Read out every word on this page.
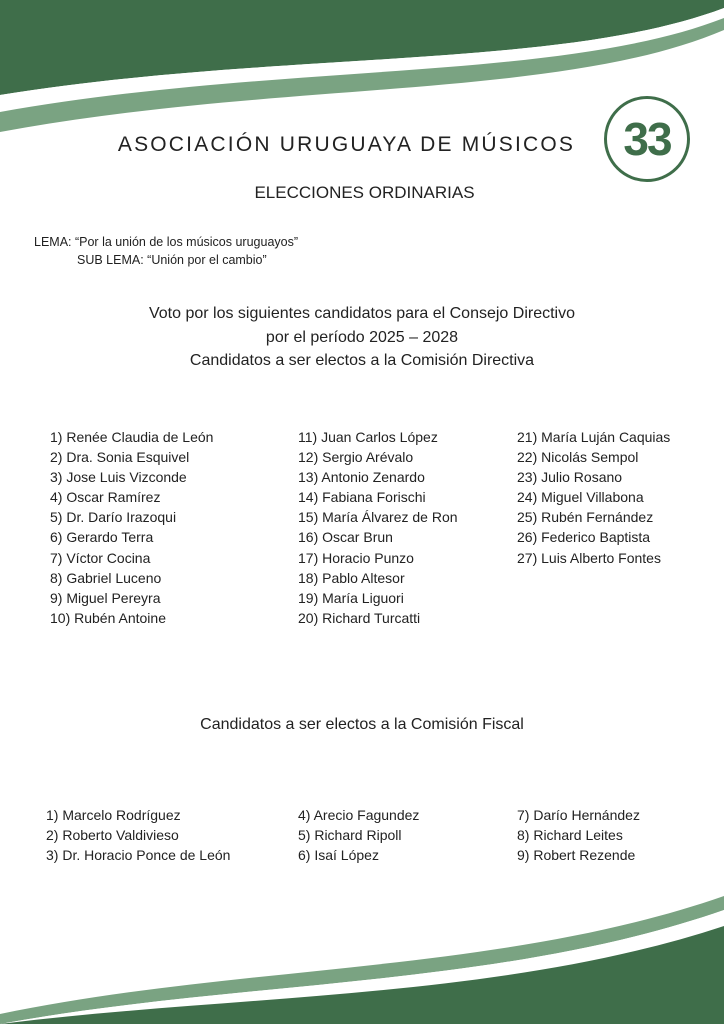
33
ASOCIACIÓN URUGUAYA DE MÚSICOS
ELECCIONES ORDINARIAS
LEMA: “Por la unión de los músicos uruguayos”
SUB LEMA: “Unión por el cambio”
Voto por los siguientes candidatos para el Consejo Directivo
por el período 2025 – 2028
Candidatos a ser electos a la Comisión Directiva
1) Renée Claudia de León
2) Dra. Sonia Esquivel
3) Jose Luis Vizconde
4) Oscar Ramírez
5) Dr. Darío Irazoqui
6) Gerardo Terra
7) Víctor Cocina
8) Gabriel Luceno
9) Miguel Pereyra
10) Rubén Antoine
11) Juan Carlos López
12) Sergio Arévalo
13) Antonio Zenardo
14) Fabiana Forischi
15) María Álvarez de Ron
16) Oscar Brun
17) Horacio Punzo
18) Pablo Altesor
19) María Liguori
20) Richard Turcatti
21) María Luján Caquias
22) Nicolás Sempol
23) Julio Rosano
24) Miguel Villabona
25) Rubén Fernández
26) Federico Baptista
27) Luis Alberto Fontes
Candidatos a ser electos a la Comisión Fiscal
1) Marcelo Rodríguez
2) Roberto Valdivieso
3) Dr. Horacio Ponce de León
4) Arecio Fagundez
5) Richard Ripoll
6) Isaí López
7) Darío Hernández
8) Richard Leites
9) Robert Rezende
